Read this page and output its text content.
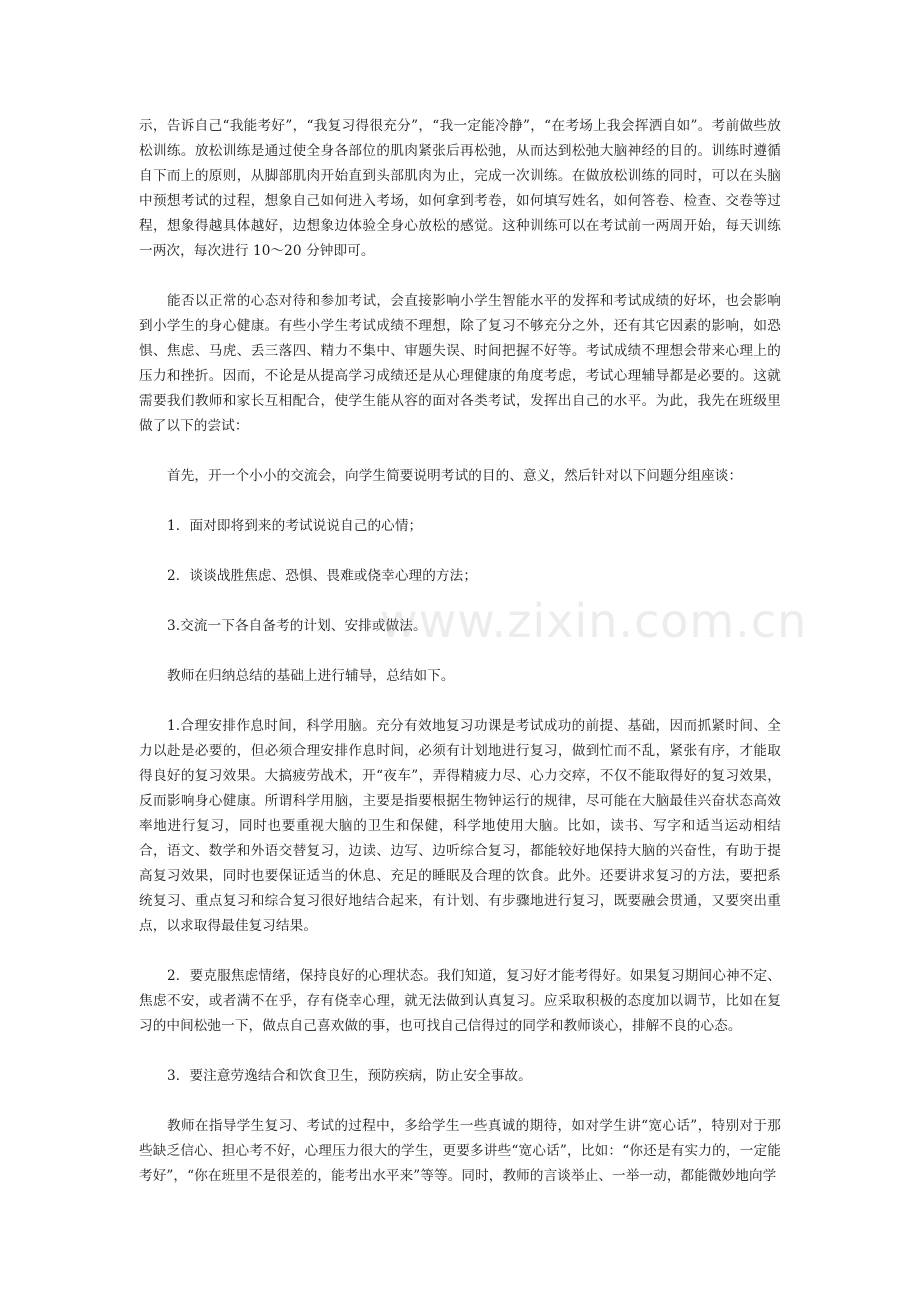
示，告诉自己“我能考好”，“我复习得很充分”，“我一定能冷静”，“在考场上我会挥洒自如”。考前做些放松训练。放松训练是通过使全身各部位的肌肉紧张后再松弛，从而达到松弛大脑神经的目的。训练时遵循自下而上的原则，从脚部肌肉开始直到头部肌肉为止，完成一次训练。在做放松训练的同时，可以在头脑中预想考试的过程，想象自己如何进入考场，如何拿到考卷，如何填写姓名，如何答卷、检查、交卷等过程，想象得越具体越好，边想象边体验全身心放松的感觉。这种训练可以在考试前一两周开始，每天训练一两次，每次进行 10～20 分钟即可。

能否以正常的心态对待和参加考试，会直接影响小学生智能水平的发挥和考试成绩的好坏，也会影响到小学生的身心健康。有些小学生考试成绩不理想，除了复习不够充分之外，还有其它因素的影响，如恐惧、焦虑、马虎、丢三落四、精力不集中、审题失误、时间把握不好等。考试成绩不理想会带来心理上的压力和挫折。因而，不论是从提高学习成绩还是从心理健康的角度考虑，考试心理辅导都是必要的。这就需要我们教师和家长互相配合，使学生能从容的面对各类考试，发挥出自己的水平。为此，我先在班级里做了以下的尝试：

首先，开一个小小的交流会，向学生简要说明考试的目的、意义，然后针对以下问题分组座谈：

1．面对即将到来的考试说说自己的心情；

2．谈谈战胜焦虑、恐惧、畏难或侥幸心理的方法；

3.交流一下各自备考的计划、安排或做法。

教师在归纳总结的基础上进行辅导，总结如下。

1.合理安排作息时间，科学用脑。充分有效地复习功课是考试成功的前提、基础，因而抓紧时间、全力以赴是必要的，但必须合理安排作息时间，必须有计划地进行复习，做到忙而不乱，紧张有序，才能取得良好的复习效果。大搞疲劳战术，开“夜车”，弄得精疲力尽、心力交瘁，不仅不能取得好的复习效果，反而影响身心健康。所谓科学用脑，主要是指要根据生物钟运行的规律，尽可能在大脑最佳兴奋状态高效率地进行复习，同时也要重视大脑的卫生和保健，科学地使用大脑。比如，读书、写字和适当运动相结合，语文、数学和外语交替复习，边读、边写、边听综合复习，都能较好地保持大脑的兴奋性，有助于提高复习效果，同时也要保证适当的休息、充足的睡眠及合理的饮食。此外。还要讲求复习的方法，要把系统复习、重点复习和综合复习很好地结合起来，有计划、有步骤地进行复习，既要融会贯通，又要突出重点，以求取得最佳复习结果。

2．要克服焦虑情绪，保持良好的心理状态。我们知道，复习好才能考得好。如果复习期间心神不定、焦虑不安，或者满不在乎，存有侥幸心理，就无法做到认真复习。应采取积极的态度加以调节，比如在复习的中间松弛一下，做点自己喜欢做的事，也可找自己信得过的同学和教师谈心，排解不良的心态。

3．要注意劳逸结合和饮食卫生，预防疾病，防止安全事故。

教师在指导学生复习、考试的过程中，多给学生一些真诚的期待，如对学生讲“宽心话”，特别对于那些缺乏信心、担心考不好，心理压力很大的学生，更要多讲些“宽心话”，比如：“你还是有实力的，一定能考好”，“你在班里不是很差的，能考出水平来”等等。同时，教师的言谈举止、一举一动，都能微妙地向学

www.zixin.com.cn
